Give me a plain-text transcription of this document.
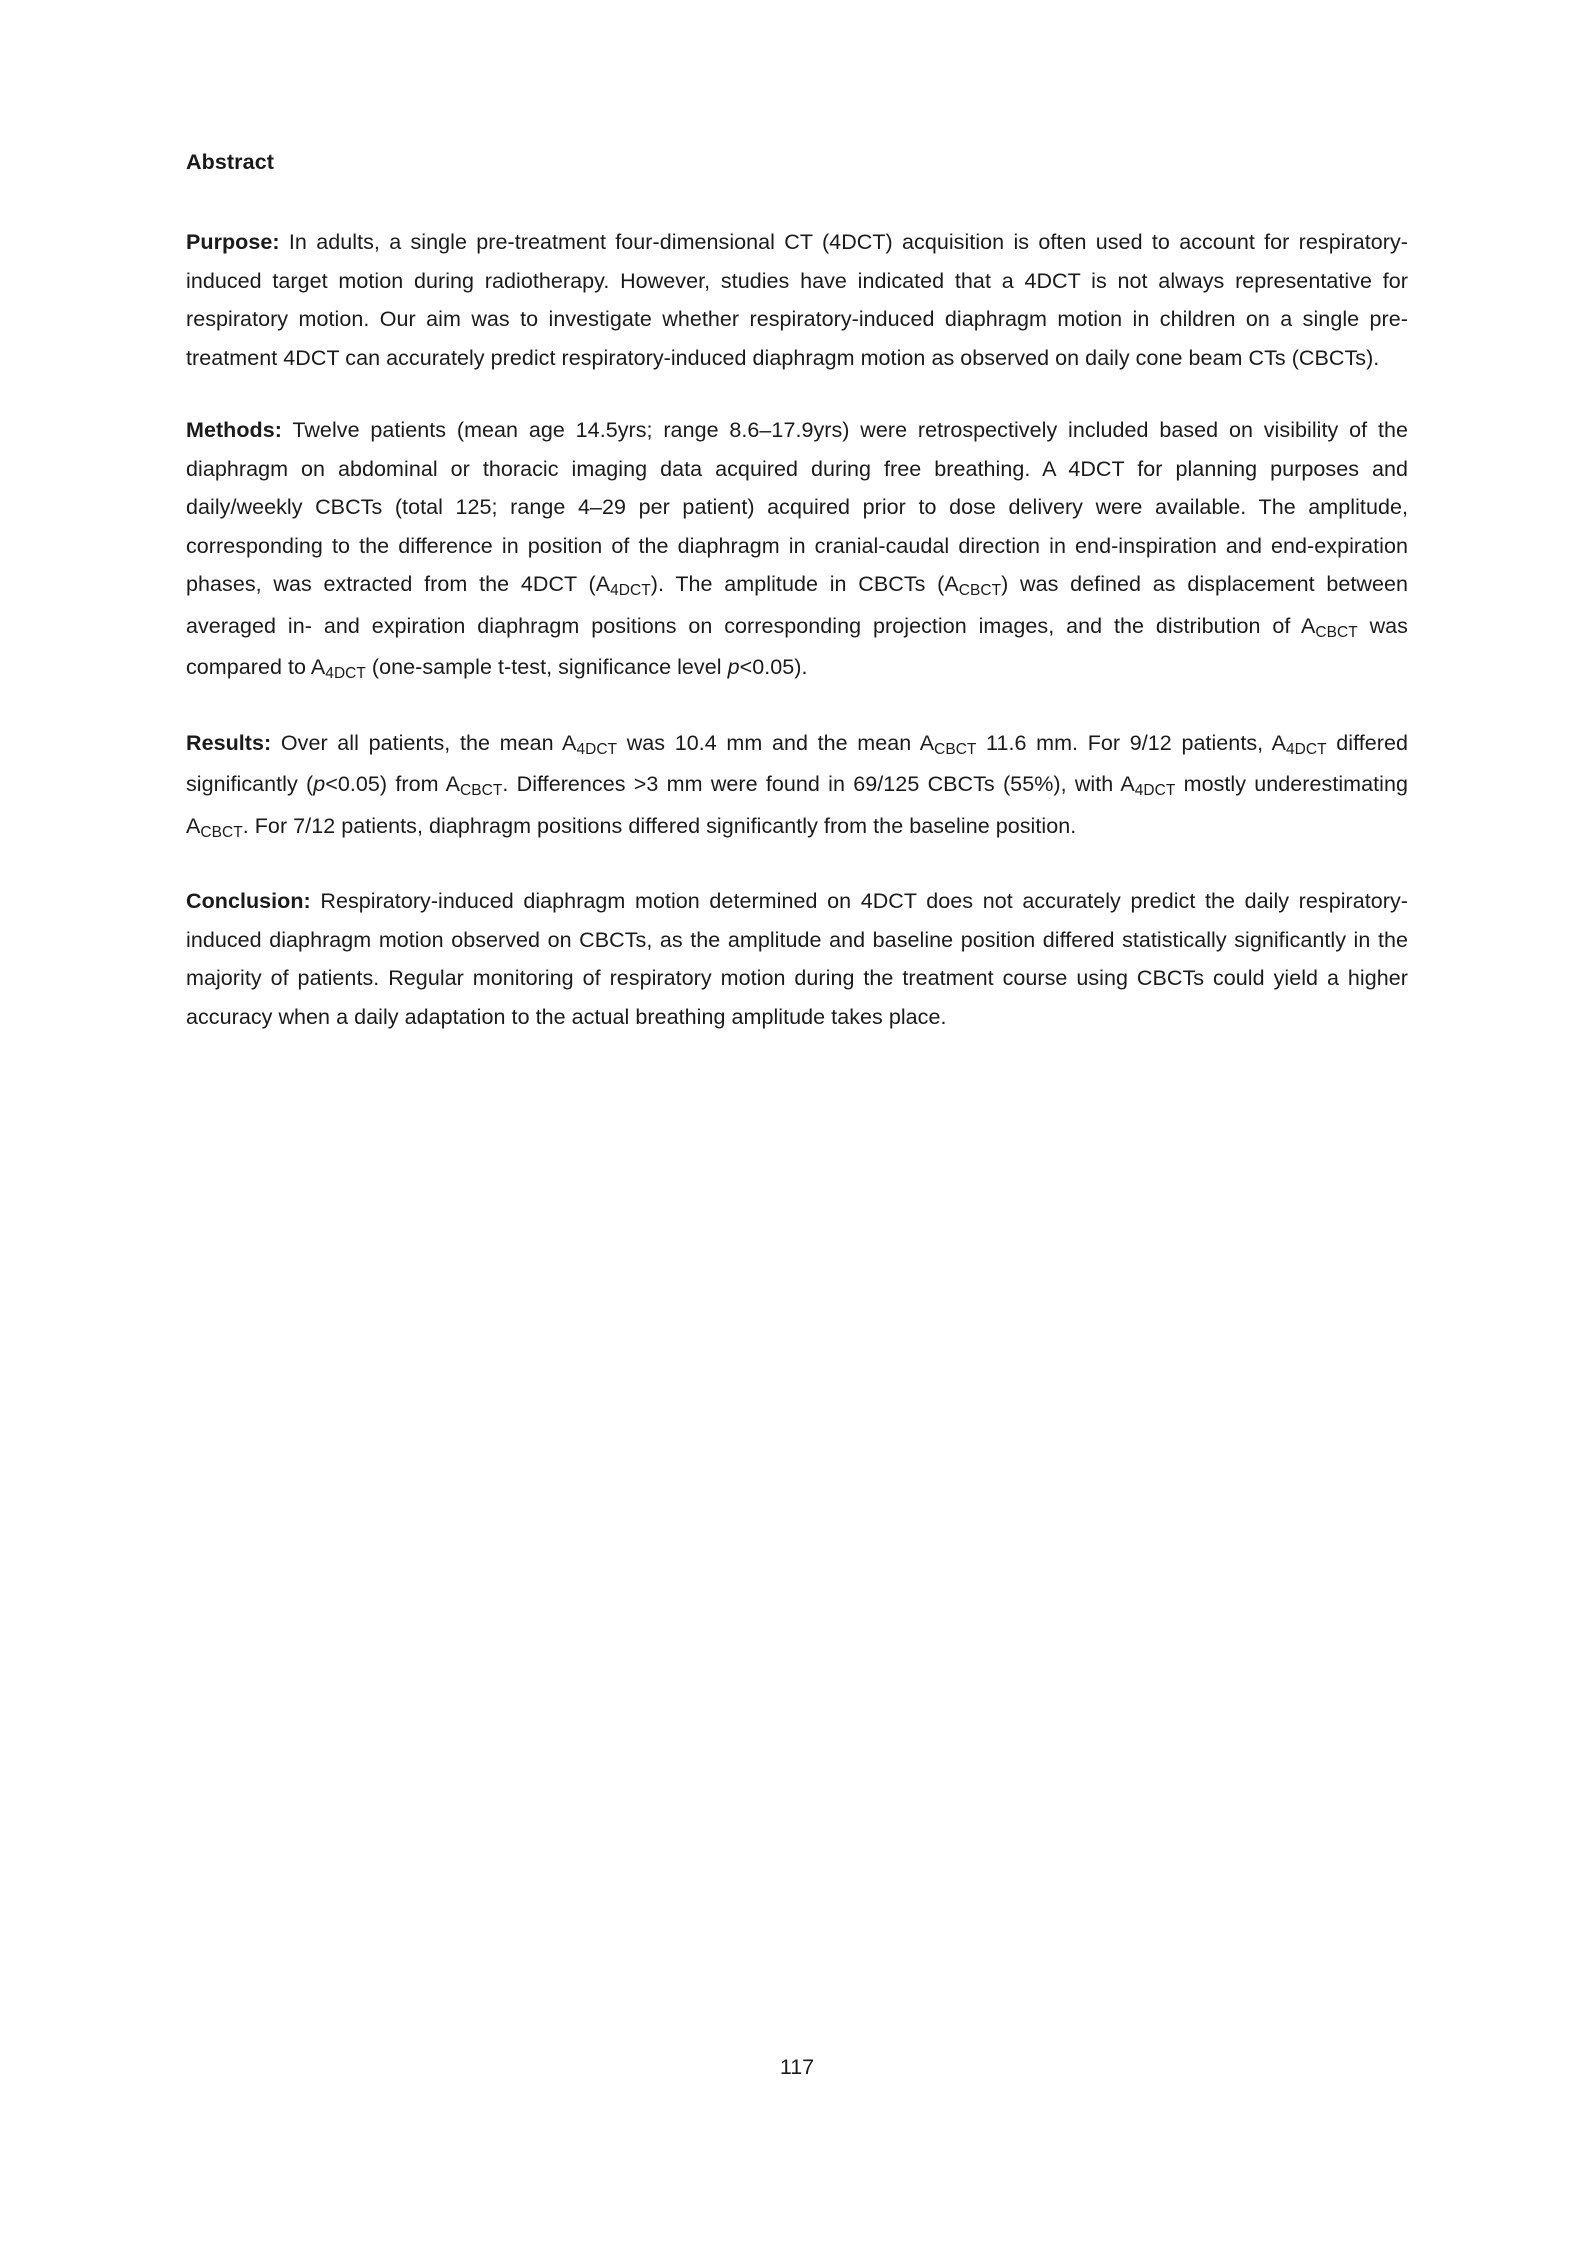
Abstract

Purpose: In adults, a single pre-treatment four-dimensional CT (4DCT) acquisition is often used to account for respiratory-induced target motion during radiotherapy. However, studies have indicated that a 4DCT is not always representative for respiratory motion. Our aim was to investigate whether respiratory-induced diaphragm motion in children on a single pre-treatment 4DCT can accurately predict respiratory-induced diaphragm motion as observed on daily cone beam CTs (CBCTs).

Methods: Twelve patients (mean age 14.5yrs; range 8.6–17.9yrs) were retrospectively included based on visibility of the diaphragm on abdominal or thoracic imaging data acquired during free breathing. A 4DCT for planning purposes and daily/weekly CBCTs (total 125; range 4–29 per patient) acquired prior to dose delivery were available. The amplitude, corresponding to the difference in position of the diaphragm in cranial-caudal direction in end-inspiration and end-expiration phases, was extracted from the 4DCT $(A_{4DCT})$. The amplitude in CBCTs $(A_{CBCT})$ was defined as displacement between averaged in- and expiration diaphragm positions on corresponding projection images, and the distribution of $A_{CBCT}$ was compared to $A_{4DCT}$ (one-sample t-test, significance level p<0.05).

Results: Over all patients, the mean $A_{4DCT}$ was 10.4 mm and the mean $A_{CBCT}$ 11.6 mm. For 9/12 patients, $A_{4DCT}$ differed significantly (p<0.05) from $A_{CBCT}$. Differences >3 mm were found in 69/125 CBCTs (55%), with $A_{4DCT}$ mostly underestimating $A_{CBCT}$. For 7/12 patients, diaphragm positions differed significantly from the baseline position.

Conclusion: Respiratory-induced diaphragm motion determined on 4DCT does not accurately predict the daily respiratory-induced diaphragm motion observed on CBCTs, as the amplitude and baseline position differed statistically significantly in the majority of patients. Regular monitoring of respiratory motion during the treatment course using CBCTs could yield a higher accuracy when a daily adaptation to the actual breathing amplitude takes place.

117
